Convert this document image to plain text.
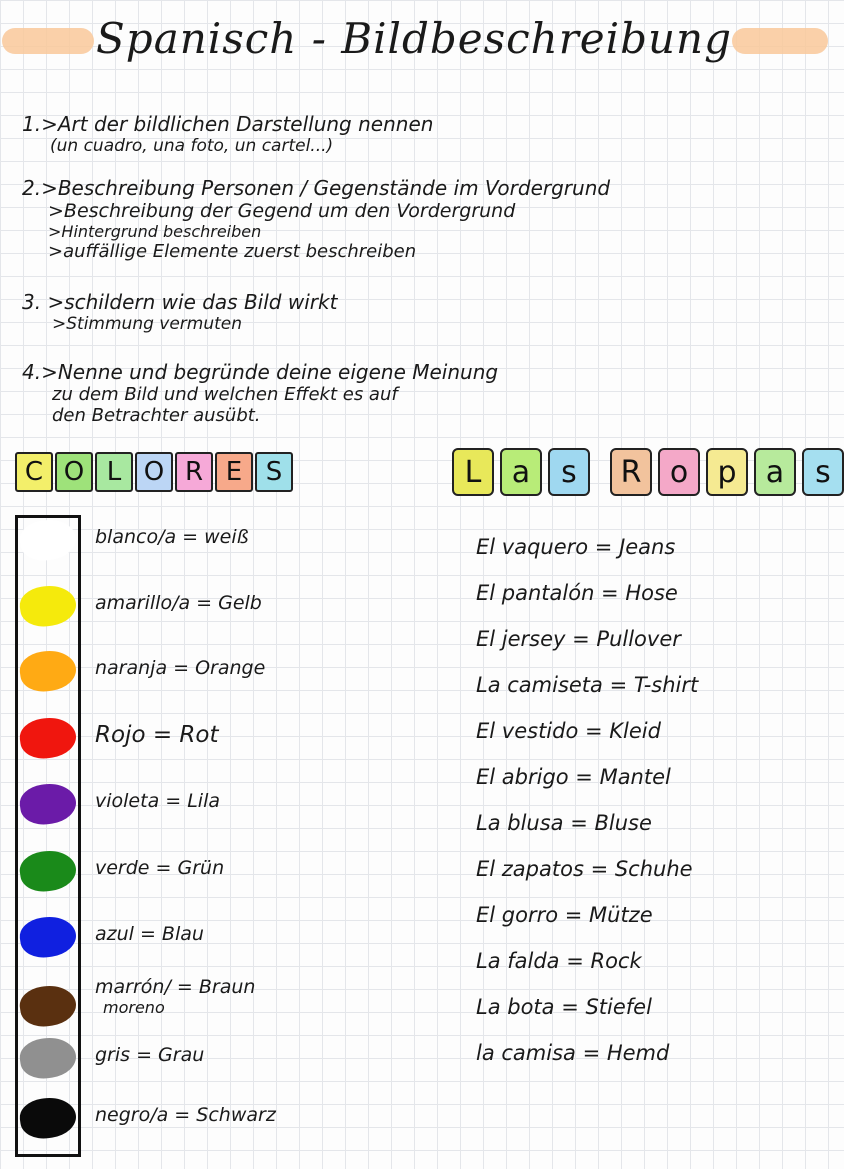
Spanisch - Bildbeschreibung
1.>Art der bildlichen Darstellung nennen
(un cuadro, una foto, un cartel...)
2.>Beschreibung Personen / Gegenstände im Vordergrund
>Beschreibung der Gegend um den Vordergrund
>Hintergrund beschreiben
>auffällige Elemente zuerst beschreiben
3. >schildern wie das Bild wirkt
>Stimmung vermuten
4.>Nenne und begründe deine eigene Meinung
zu dem Bild und welchen Effekt es auf
den Betrachter ausübt.
C O L O R E S	L	a	s	R o p a	s
blanco/a = weiß
amarillo/a = Gelb
naranja = Orange
Rojo = Rot
violeta = Lila
verde = Grün
azul = Blau
marrón/ = Braun
moreno
gris = Grau
negro/a = Schwarz
El vaquero = Jeans
El pantalón = Hose
El jersey = Pullover
La camiseta = T-shirt
El vestido = Kleid
El abrigo = Mantel
La blusa = Bluse
El zapatos = Schuhe
El gorro = Mütze
La falda = Rock
La bota = Stiefel
la camisa = Hemd
